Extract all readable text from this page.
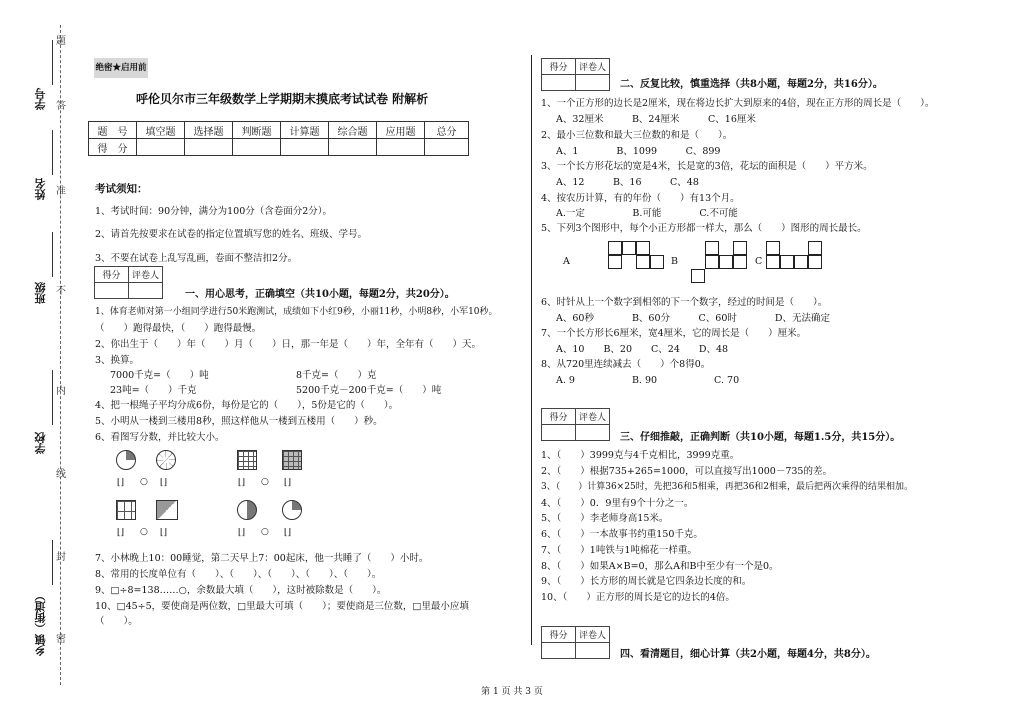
题
答
准
不
内
线
封
密
学号
姓名
班级
学校
乡镇（街道）
绝密★启用前
呼伦贝尔市三年级数学上学期期末摸底考试试卷 附解析
题　号	填空题	选择题	判断题	计算题	综合题	应用题	总分
得　分							
考试须知：
1、考试时间：90分钟，满分为100分（含卷面分2分）。
2、请首先按要求在试卷的指定位置填写您的姓名、班级、学号。
3、不要在试卷上乱写乱画，卷面不整洁扣2分。
得分	评卷人

一、用心思考，正确填空（共10小题，每题2分，共20分）。
1、体育老师对第一小组同学进行50米跑测试，成绩如下小红9秒，小丽11秒，小明8秒，小军10秒。
（　　）跑得最快，（　　）跑得最慢。
2、你出生于（　　）年（　　）月（　　）日，那一年是（　　）年，全年有（　　）天。
3、换算。
7000千克=（　　）吨	8千克=（　　）克
23吨=（　　）千克	5200千克－200千克=（　　）吨
4、把一根绳子平均分成6份，每份是它的（　　），5份是它的（　　）。
5、小明从一楼到三楼用8秒，照这样他从一楼到五楼用（　　）秒。
6、看图写分数，并比较大小。
⌊⌋ ○ ⌊⌋	⌊⌋ ○ ⌊⌋
⌊⌋ ○ ⌊⌋	⌊⌋ ○ ⌊⌋
7、小林晚上10：00睡觉，第二天早上7：00起床，他一共睡了（　　）小时。
8、常用的长度单位有（　　）、（　　）、（　　）、（　　）、（　　）。
9、□÷8=138……○，余数最大填（　　），这时被除数是（　　）。
10、□45÷5，要使商是两位数，□里最大可填（　　）；要使商是三位数，□里最小应填
（　　）。
得分	评卷人

二、反复比较，慎重选择（共8小题，每题2分，共16分）。
1、一个正方形的边长是2厘米，现在将边长扩大到原来的4倍，现在正方形的周长是（　　）。
A、32厘米　　　B、24厘米　　　C、16厘米
2、最小三位数和最大三位数的和是（　　）。
A、1　　　　B、1099　　　C、899
3、一个长方形花坛的宽是4米，长是宽的3倍，花坛的面积是（　　）平方米。
A、12　　　B、16　　　C、48
4、按农历计算，有的年份（　　）有13个月。
A.一定　　　　　B.可能　　　　C.不可能
5、下列3个图形中，每个小正方形都一样大，那么（　　）图形的周长最长。
A	B	C
6、时针从上一个数字到相邻的下一个数字，经过的时间是（　　）。
A、60秒　　　　B、60分　　　C、60时　　　　D、无法确定
7、一个长方形长6厘米，宽4厘米，它的周长是（　　）厘米。
A、10　　B、20　　C、24　　D、48
8、从720里连续减去（　　）个8得0。
A. 9　　　　　　B. 90　　　　　　C. 70
得分	评卷人

三、仔细推敲，正确判断（共10小题，每题1.5分，共15分）。
1、（　　）3999克与4千克相比，3999克重。
2、（　　）根据735+265=1000，可以直接写出1000－735的差。
3、（　　）计算36×25时，先把36和5相乘，再把36和2相乘，最后把两次乘得的结果相加。
4、（　　）0．9里有9个十分之一。
5、（　　）李老师身高15米。
6、（　　）一本故事书约重150千克。
7、（　　）1吨铁与1吨棉花一样重。
8、（　　）如果A×B=0，那么A和B中至少有一个是0。
9、（　　）长方形的周长就是它四条边长度的和。
10、（　　）正方形的周长是它的边长的4倍。
得分	评卷人

四、看清题目，细心计算（共2小题，每题4分，共8分）。
第 1 页 共 3 页
